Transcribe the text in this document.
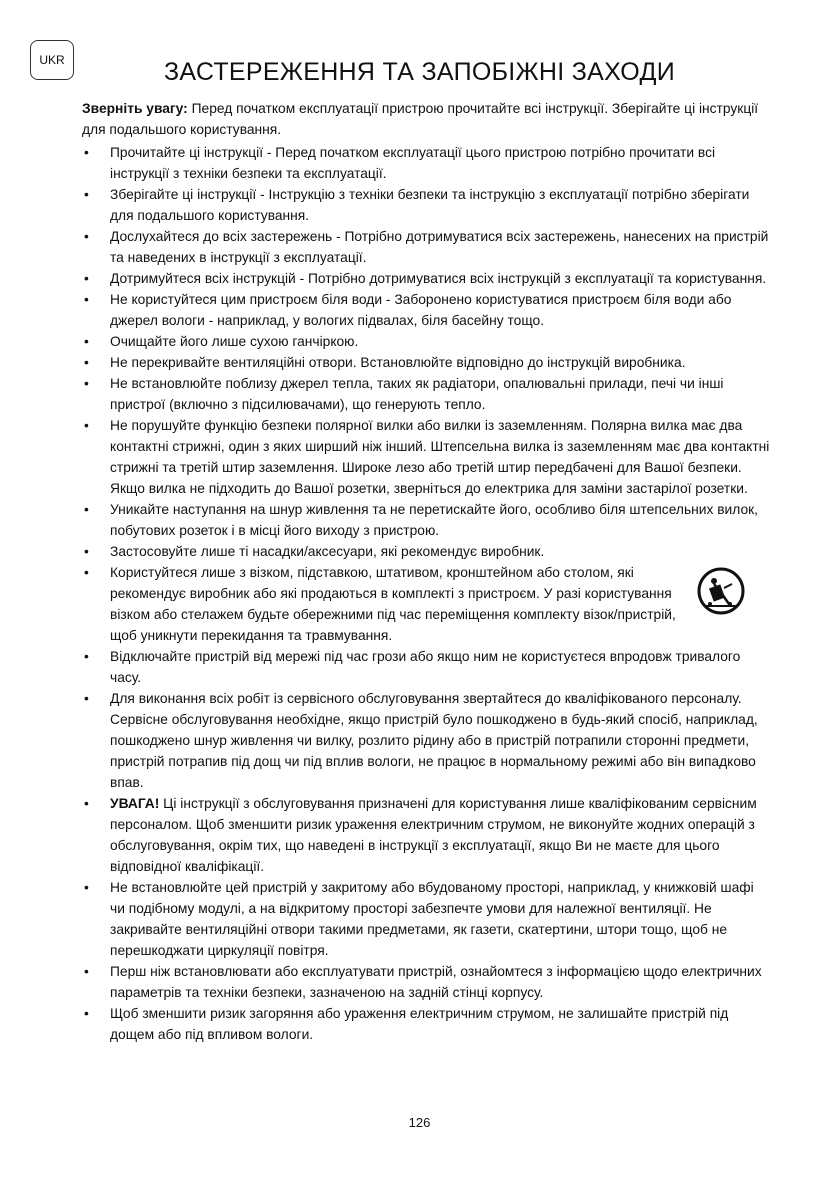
UKR	ЗАСТЕРЕЖЕННЯ ТА ЗАПОБІЖНІ ЗАХОДИ

Зверніть увагу: Перед початком експлуатації пристрою прочитайте всі інструкції. Зберігайте ці інструкції для подальшого користування.

• Прочитайте ці інструкції - Перед початком експлуатації цього пристрою потрібно прочитати всі інструкції з техніки безпеки та експлуатації.
• Зберігайте ці інструкції - Інструкцію з техніки безпеки та інструкцію з експлуатації потрібно зберігати для подальшого користування.
• Дослухайтеся до всіх застережень - Потрібно дотримуватися всіх застережень, нанесених на пристрій та наведених в інструкції з експлуатації.
• Дотримуйтеся всіх інструкцій - Потрібно дотримуватися всіх інструкцій з експлуатації та користування.
• Не користуйтеся цим пристроєм біля води - Заборонено користуватися пристроєм біля води або джерел вологи - наприклад, у вологих підвалах, біля басейну тощо.
• Очищайте його лише сухою ганчіркою.
• Не перекривайте вентиляційні отвори. Встановлюйте відповідно до інструкцій виробника.
• Не встановлюйте поблизу джерел тепла, таких як радіатори, опалювальні прилади, печі чи інші пристрої (включно з підсилювачами), що генерують тепло.
• Не порушуйте функцію безпеки полярної вилки або вилки із заземленням. Полярна вилка має два контактні стрижні, один з яких ширший ніж інший. Штепсельна вилка із заземленням має два контактні стрижні та третій штир заземлення. Широке лезо або третій штир передбачені для Вашої безпеки. Якщо вилка не підходить до Вашої розетки, зверніться до електрика для заміни застарілої розетки.
• Уникайте наступання на шнур живлення та не перетискайте його, особливо біля штепсельних вилок, побутових розеток і в місці його виходу з пристрою.
• Застосовуйте лише ті насадки/аксесуари, які рекомендує виробник.
• Користуйтеся лише з візком, підставкою, штативом, кронштейном або столом, які рекомендує виробник або які продаються в комплекті з пристроєм. У разі користування візком або стелажем будьте обережними під час переміщення комплекту візок/пристрій, щоб уникнути перекидання та травмування.
• Відключайте пристрій від мережі під час грози або якщо ним не користуєтеся впродовж тривалого часу.
• Для виконання всіх робіт із сервісного обслуговування звертайтеся до кваліфікованого персоналу. Сервісне обслуговування необхідне, якщо пристрій було пошкоджено в будь-який спосіб, наприклад, пошкоджено шнур живлення чи вилку, розлито рідину або в пристрій потрапили сторонні предмети, пристрій потрапив під дощ чи під вплив вологи, не працює в нормальному режимі або він випадково впав.
• УВАГА! Ці інструкції з обслуговування призначені для користування лише кваліфікованим сервісним персоналом. Щоб зменшити ризик ураження електричним струмом, не виконуйте жодних операцій з обслуговування, окрім тих, що наведені в інструкції з експлуатації, якщо Ви не маєте для цього відповідної кваліфікації.
• Не встановлюйте цей пристрій у закритому або вбудованому просторі, наприклад, у книжковій шафі чи подібному модулі, а на відкритому просторі забезпечте умови для належної вентиляції. Не закривайте вентиляційні отвори такими предметами, як газети, скатертини, штори тощо, щоб не перешкоджати циркуляції повітря.
• Перш ніж встановлювати або експлуатувати пристрій, ознайомтеся з інформацією щодо електричних параметрів та техніки безпеки, зазначеною на задній стінці корпусу.
• Щоб зменшити ризик загоряння або ураження електричним струмом, не залишайте пристрій під дощем або під впливом вологи.
126
